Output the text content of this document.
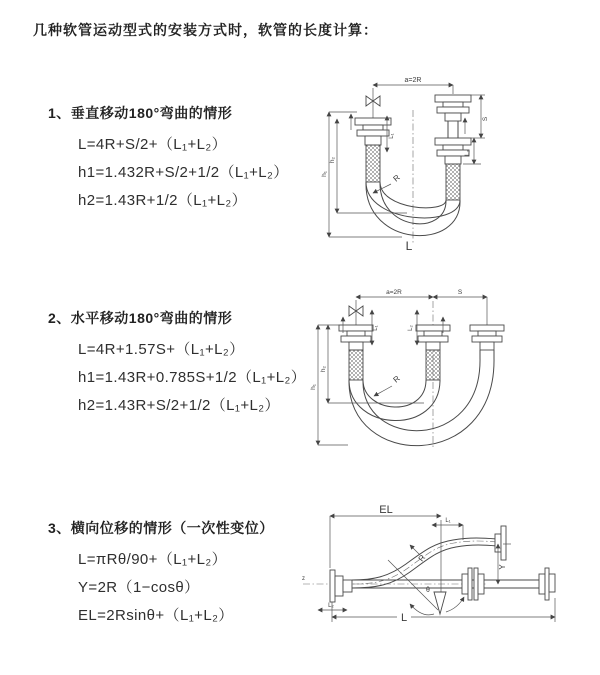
几种软管运动型式的安装方式时，软管的长度计算：
1、垂直移动180°弯曲的情形
L=4R+S/2+（L₁+L₂）
h1=1.432R+S/2+1/2（L₁+L₂）
h2=1.43R+1/2（L₁+L₂）
2、水平移动180°弯曲的情形
L=4R+1.57S+（L₁+L₂）
h1=1.43R+0.785S+1/2（L₁+L₂）
h2=1.43R+S/2+1/2（L₁+L₂）
3、横向位移的情形（一次性变位）
L=πRθ/90+（L₁+L₂）
Y=2R（1−cosθ）
EL=2Rsinθ+（L₁+L₂）
a=2R
h₁
h₂
L₁
S
L₂
R
L
a=2R	S
h₁
h₂
L₁	L₂
R
z
EL
L₁
Y
R
θ
L₂
L
